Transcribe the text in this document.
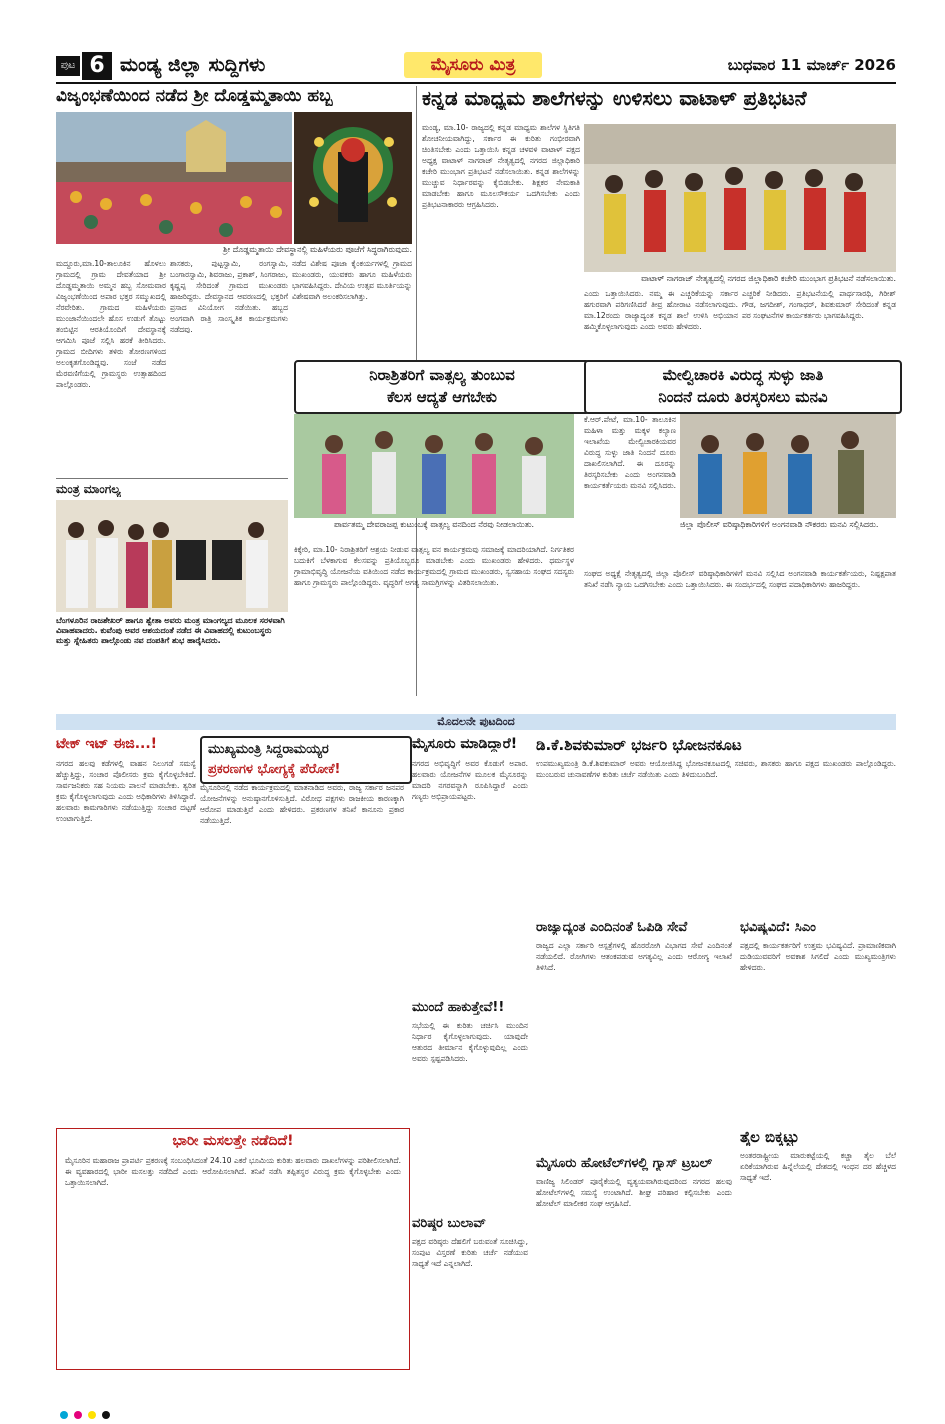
ಪುಟ 6 ಮಂಡ್ಯ ಜಿಲ್ಲಾ ಸುದ್ದಿಗಳು	ಮೈಸೂರು ಮಿತ್ರ	ಬುಧವಾರ 11 ಮಾರ್ಚ್ 2026
ವಿಜೃಂಭಣೆಯಿಂದ ನಡೆದ ಶ್ರೀ ದೊಡ್ಡಮ್ಮತಾಯಿ ಹಬ್ಬ
ಶ್ರೀ ದೊಡ್ಡಮ್ಮತಾಯಿ ದೇವಸ್ಥಾನಲ್ಲಿ ಮಹಿಳೆಯರು ಪೂಜೆಗೆ ಸಿದ್ಧರಾಗಿರುವುದು.
ಮದ್ದೂರು,ಮಾ.10-ತಾಲೂಕಿನ ಹೊಳಲು ಗ್ರಾಮದಲ್ಲಿ ಗ್ರಾಮ ದೇವತೆಯಾದ ಶ್ರೀ ದೊಡ್ಡಮ್ಮತಾಯಿ ಅಮ್ಮನ ಹಬ್ಬ ಸೋಮವಾರ ವಿಜೃಂಭಣೆಯಿಂದ ಅಪಾರ ಭಕ್ತರ ಸಮ್ಮುಖದಲ್ಲಿ ನೆರವೇರಿತು. ಗ್ರಾಮದ ಮಹಿಳೆಯರು ಮುಂಜಾನೆಯಿಂದಲೇ ಹೊಸ ಉಡುಗೆ ತೊಟ್ಟು ತಂಬಿಟ್ಟಿನ ಆರತಿಯೊಂದಿಗೆ ದೇವಸ್ಥಾನಕ್ಕೆ ಆಗಮಿಸಿ ಪೂಜೆ ಸಲ್ಲಿಸಿ ಹರಕೆ ತೀರಿಸಿದರು. ಗ್ರಾಮದ ಬೀದಿಗಳು ತಳಿರು ತೋರಣಗಳಿಂದ ಅಲಂಕೃತಗೊಂಡಿದ್ದವು. ಸಂಜೆ ನಡೆದ ಮೆರವಣಿಗೆಯಲ್ಲಿ ಗ್ರಾಮಸ್ಥರು ಉತ್ಸಾಹದಿಂದ ಪಾಲ್ಗೊಂಡರು.
ಶಾಸಕರು, ಪುಟ್ಟಸ್ವಾಮಿ, ರಂಗಸ್ವಾಮಿ, ಬಂಗಾರಸ್ವಾಮಿ, ಶಿವರಾಜು, ಪ್ರಕಾಶ್, ಸಿಂಗರಾಜು, ಕೃಷ್ಣಪ್ಪ ಸೇರಿದಂತೆ ಗ್ರಾಮದ ಮುಖಂಡರು ಹಾಜರಿದ್ದರು. ದೇವಸ್ಥಾನದ ಆವರಣದಲ್ಲಿ ಭಕ್ತರಿಗೆ ಪ್ರಸಾದ ವಿನಿಯೋಗ ನಡೆಯಿತು. ಹಬ್ಬದ ಅಂಗವಾಗಿ ರಾತ್ರಿ ಸಾಂಸ್ಕೃತಿಕ ಕಾರ್ಯಕ್ರಮಗಳು ನಡೆದವು.
ನಡೆದ ವಿಶೇಷ ಪೂಜಾ ಕೈಂಕರ್ಯಗಳಲ್ಲಿ ಗ್ರಾಮದ ಮುಖಂಡರು, ಯುವಕರು ಹಾಗೂ ಮಹಿಳೆಯರು ಭಾಗವಹಿಸಿದ್ದರು. ದೇವಿಯ ಉತ್ಸವ ಮೂರ್ತಿಯನ್ನು ವಿಶೇಷವಾಗಿ ಅಲಂಕರಿಸಲಾಗಿತ್ತು.
ಕನ್ನಡ ಮಾಧ್ಯಮ ಶಾಲೆಗಳನ್ನು ಉಳಿಸಲು ವಾಟಾಳ್ ಪ್ರತಿಭಟನೆ
ಮಂಡ್ಯ, ಮಾ.10- ರಾಜ್ಯದಲ್ಲಿ ಕನ್ನಡ ಮಾಧ್ಯಮ ಶಾಲೆಗಳ ಸ್ಥಿತಿಗತಿ ಶೋಚನೀಯವಾಗಿದ್ದು, ಸರ್ಕಾರ ಈ ಕುರಿತು ಗಂಭೀರವಾಗಿ ಚಿಂತಿಸಬೇಕು ಎಂದು ಒತ್ತಾಯಿಸಿ ಕನ್ನಡ ಚಳವಳಿ ವಾಟಾಳ್ ಪಕ್ಷದ ಅಧ್ಯಕ್ಷ ವಾಟಾಳ್ ನಾಗರಾಜ್ ನೇತೃತ್ವದಲ್ಲಿ ನಗರದ ಜಿಲ್ಲಾಧಿಕಾರಿ ಕಚೇರಿ ಮುಂಭಾಗ ಪ್ರತಿಭಟನೆ ನಡೆಸಲಾಯಿತು. ಕನ್ನಡ ಶಾಲೆಗಳನ್ನು ಮುಚ್ಚುವ ನಿರ್ಧಾರವನ್ನು ಕೈಬಿಡಬೇಕು. ಶಿಕ್ಷಕರ ನೇಮಕಾತಿ ಮಾಡಬೇಕು ಹಾಗೂ ಮೂಲಸೌಕರ್ಯ ಒದಗಿಸಬೇಕು ಎಂದು ಪ್ರತಿಭಟನಾಕಾರರು ಆಗ್ರಹಿಸಿದರು.
ವಾಟಾಳ್ ನಾಗರಾಜ್ ನೇತೃತ್ವದಲ್ಲಿ ನಗರದ ಜಿಲ್ಲಾಧಿಕಾರಿ ಕಚೇರಿ ಮುಂಭಾಗ ಪ್ರತಿಭಟನೆ ನಡೆಸಲಾಯಿತು.
ಎಂದು ಒತ್ತಾಯಿಸಿದರು. ನಮ್ಮ ಈ ಎಚ್ಚರಿಕೆಯನ್ನು ಸರ್ಕಾರ ಹಗುರವಾಗಿ ಪರಿಗಣಿಸಿದರೆ ತೀವ್ರ ಹೋರಾಟ ನಡೆಸಲಾಗುವುದು. ಮಾ.12ರಂದು ರಾಜ್ಯಾದ್ಯಂತ ಕನ್ನಡ ಶಾಲೆ ಉಳಿಸಿ ಅಭಿಯಾನ ಹಮ್ಮಿಕೊಳ್ಳಲಾಗುವುದು ಎಂದು ಅವರು ಹೇಳಿದರು.
ಎಚ್ಚರಿಕೆ ನೀಡಿದರು. ಪ್ರತಿಭಟನೆಯಲ್ಲಿ ಪಾರ್ಥಸಾರಥಿ, ಗಿರೀಶ್ ಗೌಡ, ಜಗದೀಶ್, ಗಂಗಾಧರ್, ಶಿವಕುಮಾರ್ ಸೇರಿದಂತೆ ಕನ್ನಡ ಪರ ಸಂಘಟನೆಗಳ ಕಾರ್ಯಕರ್ತರು ಭಾಗವಹಿಸಿದ್ದರು.
ನಿರಾಶ್ರಿತರಿಗೆ ವಾತ್ಸಲ್ಯ ತುಂಬುವ
ಕೆಲಸ ಆದ್ಯತೆ ಆಗಬೇಕು
ಪಾರ್ವತಮ್ಮ ದೇವರಾಜಪ್ಪ ಕುಟುಂಬಕ್ಕೆ ವಾತ್ಸಲ್ಯ ವನದಿಂದ ನೆರವು ನೀಡಲಾಯಿತು.
ಕಿಕ್ಕೇರಿ, ಮಾ.10- ನಿರಾಶ್ರಿತರಿಗೆ ಆಶ್ರಯ ನೀಡುವ ವಾತ್ಸಲ್ಯ ವನ ಕಾರ್ಯಕ್ರಮವು ಸಮಾಜಕ್ಕೆ ಮಾದರಿಯಾಗಿದೆ. ನಿರ್ಗತಿಕರ ಬದುಕಿಗೆ ಬೆಳಕಾಗುವ ಕೆಲಸವನ್ನು ಪ್ರತಿಯೊಬ್ಬರೂ ಮಾಡಬೇಕು ಎಂದು ಮುಖಂಡರು ಹೇಳಿದರು. ಧರ್ಮಸ್ಥಳ ಗ್ರಾಮಾಭಿವೃದ್ಧಿ ಯೋಜನೆಯ ವತಿಯಿಂದ ನಡೆದ ಕಾರ್ಯಕ್ರಮದಲ್ಲಿ ಗ್ರಾಮದ ಮುಖಂಡರು, ಸ್ವಸಹಾಯ ಸಂಘದ ಸದಸ್ಯರು ಹಾಗೂ ಗ್ರಾಮಸ್ಥರು ಪಾಲ್ಗೊಂಡಿದ್ದರು. ವೃದ್ಧರಿಗೆ ಅಗತ್ಯ ಸಾಮಗ್ರಿಗಳನ್ನು ವಿತರಿಸಲಾಯಿತು.
ಮೇಲ್ವಿಚಾರಕಿ ವಿರುದ್ಧ ಸುಳ್ಳು ಜಾತಿ
ನಿಂದನೆ ದೂರು ತಿರಸ್ಕರಿಸಲು ಮನವಿ
ಕೆ.ಆರ್.ಪೇಟೆ, ಮಾ.10- ತಾಲೂಕಿನ ಮಹಿಳಾ ಮತ್ತು ಮಕ್ಕಳ ಕಲ್ಯಾಣ ಇಲಾಖೆಯ ಮೇಲ್ವಿಚಾರಕಿಯವರ ವಿರುದ್ಧ ಸುಳ್ಳು ಜಾತಿ ನಿಂದನೆ ದೂರು ದಾಖಲಿಸಲಾಗಿದೆ. ಈ ದೂರನ್ನು ತಿರಸ್ಕರಿಸಬೇಕು ಎಂದು ಅಂಗನವಾಡಿ ಕಾರ್ಯಕರ್ತೆಯರು ಮನವಿ ಸಲ್ಲಿಸಿದರು.
ಜಿಲ್ಲಾ ಪೊಲೀಸ್ ವರಿಷ್ಠಾಧಿಕಾರಿಗಳಿಗೆ ಅಂಗನವಾಡಿ ನೌಕರರು ಮನವಿ ಸಲ್ಲಿಸಿದರು.
ಸಂಘದ ಅಧ್ಯಕ್ಷೆ ನೇತೃತ್ವದಲ್ಲಿ ಜಿಲ್ಲಾ ಪೊಲೀಸ್ ವರಿಷ್ಠಾಧಿಕಾರಿಗಳಿಗೆ ಮನವಿ ಸಲ್ಲಿಸಿದ ಅಂಗನವಾಡಿ ಕಾರ್ಯಕರ್ತೆಯರು, ನಿಷ್ಪಕ್ಷಪಾತ ತನಿಖೆ ನಡೆಸಿ ನ್ಯಾಯ ಒದಗಿಸಬೇಕು ಎಂದು ಒತ್ತಾಯಿಸಿದರು. ಈ ಸಂದರ್ಭದಲ್ಲಿ ಸಂಘದ ಪದಾಧಿಕಾರಿಗಳು ಹಾಜರಿದ್ದರು.
ಮಂತ್ರ ಮಾಂಗಲ್ಯ
ಬೆಂಗಳೂರಿನ ರಾಜಶೇಖರ್ ಹಾಗೂ ಶ್ವೇತಾ ಅವರು ಮಂತ್ರ ಮಾಂಗಲ್ಯದ ಮೂಲಕ ಸರಳವಾಗಿ ವಿವಾಹವಾದರು. ಕುವೆಂಪು ಅವರ ಆಶಯದಂತೆ ನಡೆದ ಈ ವಿವಾಹದಲ್ಲಿ ಕುಟುಂಬಸ್ಥರು ಮತ್ತು ಸ್ನೇಹಿತರು ಪಾಲ್ಗೊಂಡು ನವ ದಂಪತಿಗೆ ಶುಭ ಹಾರೈಸಿದರು.
ಮೊದಲನೇ ಪುಟದಿಂದ
ಟೇಕ್ ಇಟ್ ಈಜಿ...!
ನಗರದ ಹಲವು ಕಡೆಗಳಲ್ಲಿ ವಾಹನ ನಿಲುಗಡೆ ಸಮಸ್ಯೆ ಹೆಚ್ಚುತ್ತಿದ್ದು, ಸಂಚಾರ ಪೊಲೀಸರು ಕ್ರಮ ಕೈಗೊಳ್ಳಬೇಕಿದೆ. ಸಾರ್ವಜನಿಕರು ಸಹ ನಿಯಮ ಪಾಲನೆ ಮಾಡಬೇಕು. ತ್ವರಿತ ಕ್ರಮ ಕೈಗೊಳ್ಳಲಾಗುವುದು ಎಂದು ಅಧಿಕಾರಿಗಳು ತಿಳಿಸಿದ್ದಾರೆ. ಹಲವಾರು ಕಾಮಗಾರಿಗಳು ನಡೆಯುತ್ತಿದ್ದು ಸಂಚಾರ ದಟ್ಟಣೆ ಉಂಟಾಗುತ್ತಿದೆ.
ಮುಖ್ಯಮಂತ್ರಿ ಸಿದ್ದರಾಮಯ್ಯರ
ಪ್ರಕರಣಗಳ ಭೋಗ್ಯಕ್ಕೆ ಪೆರೋಕೆ!
ಮೈಸೂರಿನಲ್ಲಿ ನಡೆದ ಕಾರ್ಯಕ್ರಮದಲ್ಲಿ ಮಾತನಾಡಿದ ಅವರು, ರಾಜ್ಯ ಸರ್ಕಾರ ಜನಪರ ಯೋಜನೆಗಳನ್ನು ಅನುಷ್ಠಾನಗೊಳಿಸುತ್ತಿದೆ. ವಿರೋಧ ಪಕ್ಷಗಳು ರಾಜಕೀಯ ಕಾರಣಕ್ಕಾಗಿ ಆರೋಪ ಮಾಡುತ್ತಿವೆ ಎಂದು ಹೇಳಿದರು. ಪ್ರಕರಣಗಳ ತನಿಖೆ ಕಾನೂನು ಪ್ರಕಾರ ನಡೆಯುತ್ತಿದೆ.
ಮೈಸೂರು ಮಾಡಿದ್ದಾರೆ!
ನಗರದ ಅಭಿವೃದ್ಧಿಗೆ ಅವರ ಕೊಡುಗೆ ಅಪಾರ. ಹಲವಾರು ಯೋಜನೆಗಳ ಮೂಲಕ ಮೈಸೂರನ್ನು ಮಾದರಿ ನಗರವನ್ನಾಗಿ ರೂಪಿಸಿದ್ದಾರೆ ಎಂದು ಗಣ್ಯರು ಅಭಿಪ್ರಾಯಪಟ್ಟರು.
ಡಿ.ಕೆ.ಶಿವಕುಮಾರ್ ಭರ್ಜರಿ ಭೋಜನಕೂಟ
ಉಪಮುಖ್ಯಮಂತ್ರಿ ಡಿ.ಕೆ.ಶಿವಕುಮಾರ್ ಅವರು ಆಯೋಜಿಸಿದ್ದ ಭೋಜನಕೂಟದಲ್ಲಿ ಸಚಿವರು, ಶಾಸಕರು ಹಾಗೂ ಪಕ್ಷದ ಮುಖಂಡರು ಪಾಲ್ಗೊಂಡಿದ್ದರು. ಮುಂಬರುವ ಚುನಾವಣೆಗಳ ಕುರಿತು ಚರ್ಚೆ ನಡೆಯಿತು ಎಂದು ತಿಳಿದುಬಂದಿದೆ.
ಮುಂದೆ ಹಾಕುತ್ತೇವೆ!!
ಸಭೆಯಲ್ಲಿ ಈ ಕುರಿತು ಚರ್ಚಿಸಿ ಮುಂದಿನ ನಿರ್ಧಾರ ಕೈಗೊಳ್ಳಲಾಗುವುದು. ಯಾವುದೇ ಆತುರದ ತೀರ್ಮಾನ ಕೈಗೊಳ್ಳುವುದಿಲ್ಲ ಎಂದು ಅವರು ಸ್ಪಷ್ಟಪಡಿಸಿದರು.
ರಾಜ್ಯಾದ್ಯಂತ ಎಂದಿನಂತೆ ಓಪಿಡಿ ಸೇವೆ
ರಾಜ್ಯದ ಎಲ್ಲಾ ಸರ್ಕಾರಿ ಆಸ್ಪತ್ರೆಗಳಲ್ಲಿ ಹೊರರೋಗಿ ವಿಭಾಗದ ಸೇವೆ ಎಂದಿನಂತೆ ನಡೆಯಲಿದೆ. ರೋಗಿಗಳು ಆತಂಕಪಡುವ ಅಗತ್ಯವಿಲ್ಲ ಎಂದು ಆರೋಗ್ಯ ಇಲಾಖೆ ತಿಳಿಸಿದೆ.
ಭವಿಷ್ಯವಿದೆ: ಸಿಎಂ
ಪಕ್ಷದಲ್ಲಿ ಕಾರ್ಯಕರ್ತರಿಗೆ ಉತ್ತಮ ಭವಿಷ್ಯವಿದೆ. ಪ್ರಾಮಾಣಿಕವಾಗಿ ದುಡಿಯುವವರಿಗೆ ಅವಕಾಶ ಸಿಗಲಿದೆ ಎಂದು ಮುಖ್ಯಮಂತ್ರಿಗಳು ಹೇಳಿದರು.
ವರಿಷ್ಠರ ಬುಲಾವ್
ಪಕ್ಷದ ವರಿಷ್ಠರು ದೆಹಲಿಗೆ ಬರುವಂತೆ ಸೂಚಿಸಿದ್ದು, ಸಂಪುಟ ವಿಸ್ತರಣೆ ಕುರಿತು ಚರ್ಚೆ ನಡೆಯುವ ಸಾಧ್ಯತೆ ಇದೆ ಎನ್ನಲಾಗಿದೆ.
ಮೈಸೂರು ಹೋಟೆಲ್‌ಗಳಲ್ಲಿ ಗ್ಯಾಸ್ ಟ್ರಬಲ್
ವಾಣಿಜ್ಯ ಸಿಲಿಂಡರ್ ಪೂರೈಕೆಯಲ್ಲಿ ವ್ಯತ್ಯಯವಾಗಿರುವುದರಿಂದ ನಗರದ ಹಲವು ಹೋಟೆಲ್‌ಗಳಲ್ಲಿ ಸಮಸ್ಯೆ ಉಂಟಾಗಿದೆ. ಶೀಘ್ರ ಪರಿಹಾರ ಕಲ್ಪಿಸಬೇಕು ಎಂದು ಹೋಟೆಲ್ ಮಾಲೀಕರ ಸಂಘ ಆಗ್ರಹಿಸಿದೆ.
ತೈಲ ಬಿಕ್ಕಟ್ಟು
ಅಂತರರಾಷ್ಟ್ರೀಯ ಮಾರುಕಟ್ಟೆಯಲ್ಲಿ ಕಚ್ಚಾ ತೈಲ ಬೆಲೆ ಏರಿಕೆಯಾಗಿರುವ ಹಿನ್ನೆಲೆಯಲ್ಲಿ ದೇಶದಲ್ಲಿ ಇಂಧನ ದರ ಹೆಚ್ಚಳದ ಸಾಧ್ಯತೆ ಇದೆ.
ಭಾರೀ ಮಸಲತ್ತೇ ನಡೆದಿದೆ!
ಮೈಸೂರಿನ ಮಹಾರಾಜ ಪ್ರಾಪರ್ಟಿ ಪ್ರಕರಣಕ್ಕೆ ಸಂಬಂಧಿಸಿದಂತೆ 24.10 ಎಕರೆ ಭೂಮಿಯ ಕುರಿತು ಹಲವಾರು ದಾಖಲೆಗಳನ್ನು ಪರಿಶೀಲಿಸಲಾಗಿದೆ. ಈ ವ್ಯವಹಾರದಲ್ಲಿ ಭಾರೀ ಮಸಲತ್ತು ನಡೆದಿದೆ ಎಂದು ಆರೋಪಿಸಲಾಗಿದೆ. ತನಿಖೆ ನಡೆಸಿ ತಪ್ಪಿತಸ್ಥರ ವಿರುದ್ಧ ಕ್ರಮ ಕೈಗೊಳ್ಳಬೇಕು ಎಂದು ಒತ್ತಾಯಿಸಲಾಗಿದೆ.
